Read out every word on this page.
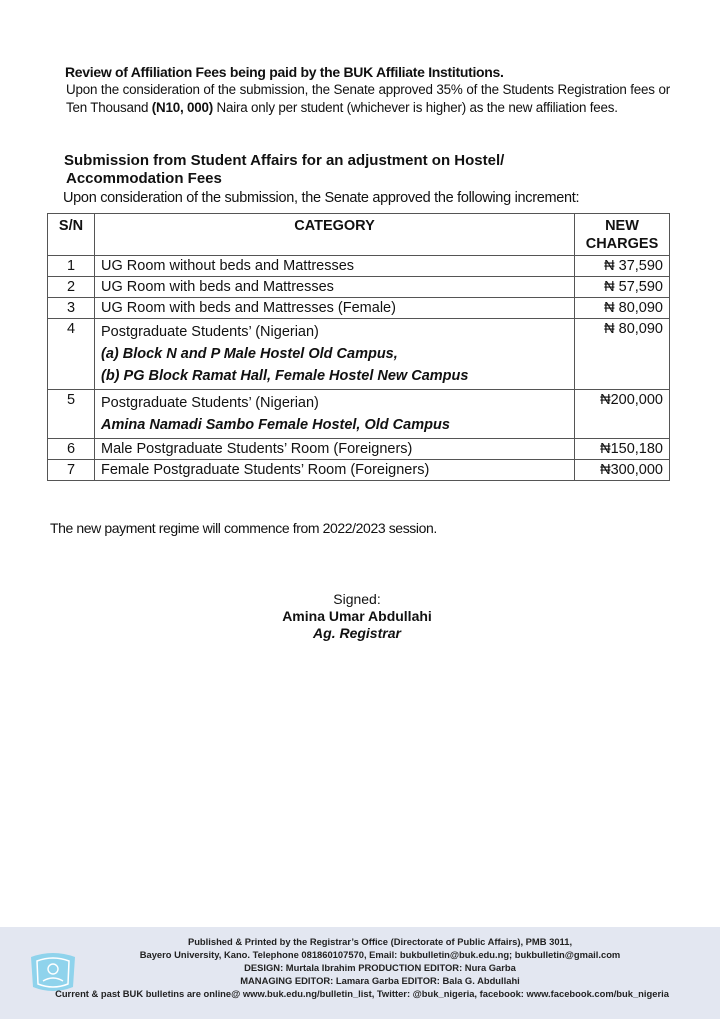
Review of Affiliation Fees being paid by the BUK Affiliate Institutions.

Upon the consideration of the submission, the Senate approved 35% of the Students Registration fees or Ten Thousand (N10, 000) Naira only per student (whichever is higher) as the new affiliation fees.

Submission from Student Affairs for an adjustment on Hostel/
Accommodation Fees

Upon consideration of the submission, the Senate approved the following increment:

S/N	CATEGORY	NEW
CHARGES
1	UG Room without beds and Mattresses	₦ 37,590
2	UG Room with beds and Mattresses	₦ 57,590
3	UG Room with beds and Mattresses (Female)	₦ 80,090
4	Postgraduate Students’ (Nigerian)
(a) Block N and P Male Hostel Old Campus,
(b) PG Block Ramat Hall, Female Hostel New Campus	₦ 80,090
5	Postgraduate Students’ (Nigerian)
Amina Namadi Sambo Female Hostel, Old Campus	₦200,000
6	Male Postgraduate Students’ Room (Foreigners)	₦150,180
7	Female Postgraduate Students’ Room (Foreigners)	₦300,000

The new payment regime will commence from 2022/2023 session.

Signed:
Amina Umar Abdullahi
Ag. Registrar
Published & Printed by the Registrar’s Office (Directorate of Public Affairs), PMB 3011,
Bayero University, Kano. Telephone 081860107570, Email: bukbulletin@buk.edu.ng; bukbulletin@gmail.com
DESIGN: Murtala Ibrahim PRODUCTION EDITOR: Nura Garba
MANAGING EDITOR: Lamara Garba EDITOR: Bala G. Abdullahi
Current & past BUK bulletins are online@ www.buk.edu.ng/bulletin_list, Twitter: @buk_nigeria, facebook: www.facebook.com/buk_nigeria
